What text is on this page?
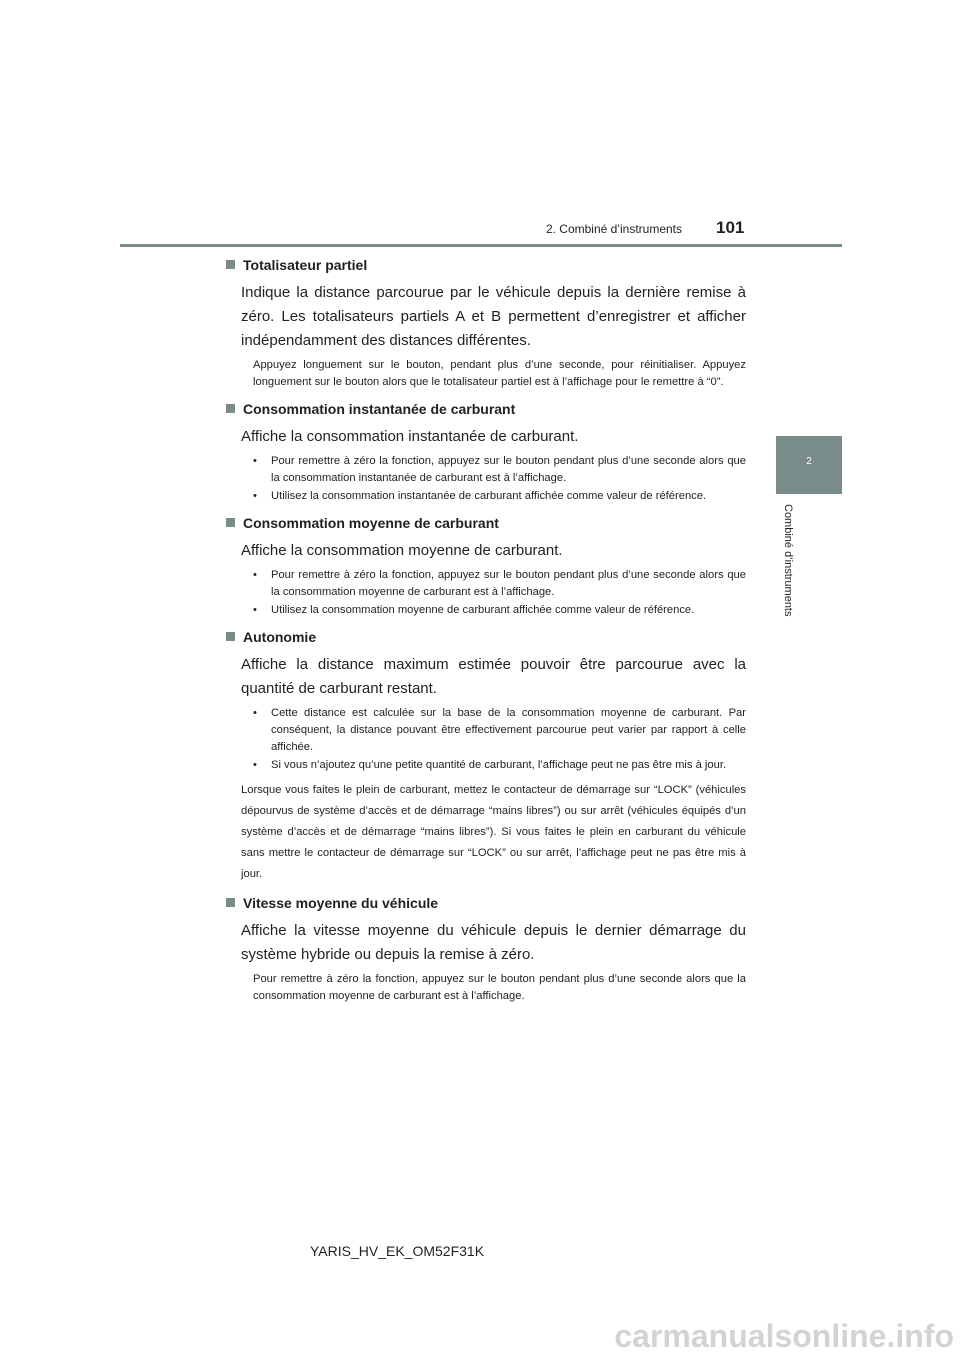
2. Combiné d’instruments 101
2
Combiné d’instruments

Totalisateur partiel

Indique la distance parcourue par le véhicule depuis la dernière remise à zéro. Les totalisateurs partiels A et B permettent d’enregistrer et afficher indépendamment des distances différentes.

Appuyez longuement sur le bouton, pendant plus d’une seconde, pour réinitialiser. Appuyez longuement sur le bouton alors que le totalisateur partiel est à l’affichage pour le remettre à “0”.

Consommation instantanée de carburant

Affiche la consommation instantanée de carburant.

• Pour remettre à zéro la fonction, appuyez sur le bouton pendant plus d’une seconde alors que la consommation instantanée de carburant est à l’affichage.
• Utilisez la consommation instantanée de carburant affichée comme valeur de référence.

Consommation moyenne de carburant

Affiche la consommation moyenne de carburant.

• Pour remettre à zéro la fonction, appuyez sur le bouton pendant plus d’une seconde alors que la consommation moyenne de carburant est à l’affichage.
• Utilisez la consommation moyenne de carburant affichée comme valeur de référence.

Autonomie

Affiche la distance maximum estimée pouvoir être parcourue avec la quantité de carburant restant.

• Cette distance est calculée sur la base de la consommation moyenne de carburant. Par conséquent, la distance pouvant être effectivement parcourue peut varier par rapport à celle affichée.
• Si vous n’ajoutez qu’une petite quantité de carburant, l’affichage peut ne pas être mis à jour.

Lorsque vous faites le plein de carburant, mettez le contacteur de démarrage sur “LOCK” (véhicules dépourvus de système d’accès et de démarrage “mains libres”) ou sur arrêt (véhicules équipés d’un système d’accès et de démarrage “mains libres”). Si vous faites le plein en carburant du véhicule sans mettre le contacteur de démarrage sur “LOCK” ou sur arrêt, l’affichage peut ne pas être mis à jour.

Vitesse moyenne du véhicule

Affiche la vitesse moyenne du véhicule depuis le dernier démarrage du système hybride ou depuis la remise à zéro.

Pour remettre à zéro la fonction, appuyez sur le bouton pendant plus d’une seconde alors que la consommation moyenne de carburant est à l’affichage.

YARIS_HV_EK_OM52F31K
carmanualsonline.info
